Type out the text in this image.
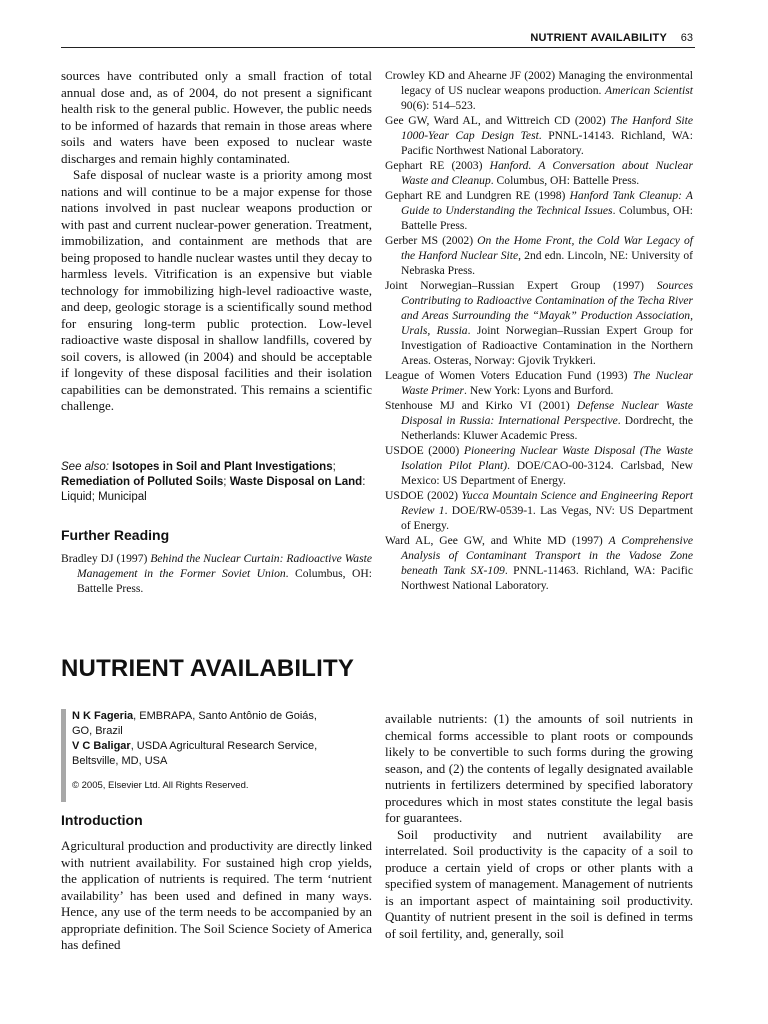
NUTRIENT AVAILABILITY 63

sources have contributed only a small fraction of total annual dose and, as of 2004, do not present a significant health risk to the general public. However, the public needs to be informed of hazards that remain in those areas where soils and waters have been exposed to nuclear waste discharges and remain highly contaminated.

Safe disposal of nuclear waste is a priority among most nations and will continue to be a major expense for those nations involved in past nuclear weapons production or with past and current nuclear-power generation. Treatment, immobilization, and containment are methods that are being proposed to handle nuclear wastes until they decay to harmless levels. Vitrification is an expensive but viable technology for immobilizing high-level radioactive waste, and deep, geologic storage is a scientifically sound method for ensuring long-term public protection. Low-level radioactive waste disposal in shallow landfills, covered by soil covers, is allowed (in 2004) and should be acceptable if longevity of these disposal facilities and their isolation capabilities can be demonstrated. This remains a scientific challenge.

See also: Isotopes in Soil and Plant Investigations; Remediation of Polluted Soils; Waste Disposal on Land: Liquid; Municipal

Further Reading

Bradley DJ (1997) Behind the Nuclear Curtain: Radioactive Waste Management in the Former Soviet Union. Columbus, OH: Battelle Press.

Crowley KD and Ahearne JF (2002) Managing the environmental legacy of US nuclear weapons production. American Scientist 90(6): 514–523.

Gee GW, Ward AL, and Wittreich CD (2002) The Hanford Site 1000-Year Cap Design Test. PNNL-14143. Richland, WA: Pacific Northwest National Laboratory.

Gephart RE (2003) Hanford. A Conversation about Nuclear Waste and Cleanup. Columbus, OH: Battelle Press.

Gephart RE and Lundgren RE (1998) Hanford Tank Cleanup: A Guide to Understanding the Technical Issues. Columbus, OH: Battelle Press.

Gerber MS (2002) On the Home Front, the Cold War Legacy of the Hanford Nuclear Site, 2nd edn. Lincoln, NE: University of Nebraska Press.

Joint Norwegian–Russian Expert Group (1997) Sources Contributing to Radioactive Contamination of the Techa River and Areas Surrounding the “Mayak” Production Association, Urals, Russia. Joint Norwegian–Russian Expert Group for Investigation of Radioactive Contamination in the Northern Areas. Osteras, Norway: Gjovik Trykkeri.

League of Women Voters Education Fund (1993) The Nuclear Waste Primer. New York: Lyons and Burford.

Stenhouse MJ and Kirko VI (2001) Defense Nuclear Waste Disposal in Russia: International Perspective. Dordrecht, the Netherlands: Kluwer Academic Press.

USDOE (2000) Pioneering Nuclear Waste Disposal (The Waste Isolation Pilot Plant). DOE/CAO-00-3124. Carlsbad, New Mexico: US Department of Energy.

USDOE (2002) Yucca Mountain Science and Engineering Report Review 1. DOE/RW-0539-1. Las Vegas, NV: US Department of Energy.

Ward AL, Gee GW, and White MD (1997) A Comprehensive Analysis of Contaminant Transport in the Vadose Zone beneath Tank SX-109. PNNL-11463. Richland, WA: Pacific Northwest National Laboratory.

NUTRIENT AVAILABILITY

N K Fageria, EMBRAPA, Santo Antônio de Goiás,

GO, Brazil

V C Baligar, USDA Agricultural Research Service,

Beltsville, MD, USA

© 2005, Elsevier Ltd. All Rights Reserved.

Introduction

Agricultural production and productivity are directly linked with nutrient availability. For sustained high crop yields, the application of nutrients is required. The term ‘nutrient availability’ has been used and defined in many ways. Hence, any use of the term needs to be accompanied by an appropriate definition. The Soil Science Society of America has defined

available nutrients: (1) the amounts of soil nutrients in chemical forms accessible to plant roots or compounds likely to be convertible to such forms during the growing season, and (2) the contents of legally designated available nutrients in fertilizers determined by specified laboratory procedures which in most states constitute the legal basis for guarantees.

Soil productivity and nutrient availability are interrelated. Soil productivity is the capacity of a soil to produce a certain yield of crops or other plants with a specified system of management. Management of nutrients is an important aspect of maintaining soil productivity. Quantity of nutrient present in the soil is defined in terms of soil fertility, and, generally, soil
